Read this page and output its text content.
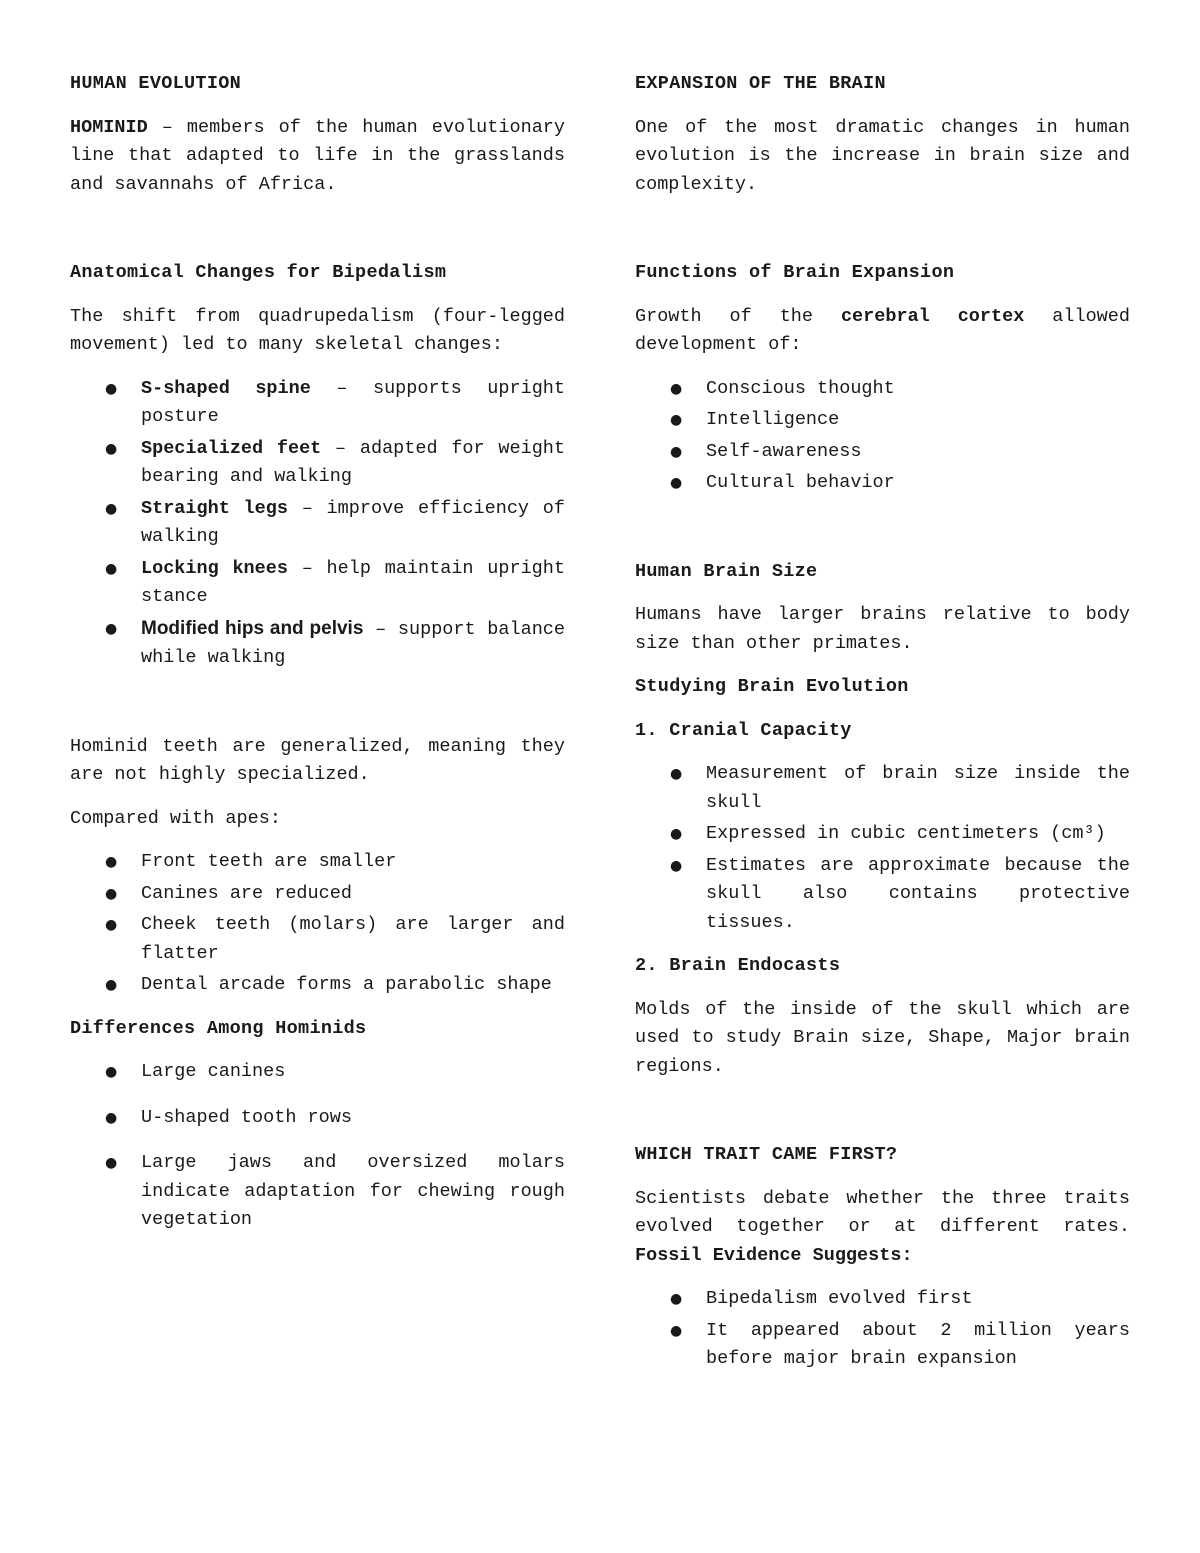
HUMAN EVOLUTION

HOMINID – members of the human evolutionary line that adapted to life in the grasslands and savannahs of Africa.

Anatomical Changes for Bipedalism

The shift from quadrupedalism (four-legged movement) led to many skeletal changes:

● S-shaped spine – supports upright posture
● Specialized feet – adapted for weight bearing and walking
● Straight legs – improve efficiency of walking
● Locking knees – help maintain upright stance
● Modified hips and pelvis – support balance while walking

Hominid teeth are generalized, meaning they are not highly specialized.

Compared with apes:

● Front teeth are smaller
● Canines are reduced
● Cheek teeth (molars) are larger and flatter
● Dental arcade forms a parabolic shape
Differences Among Hominids
● Large canines
● U-shaped tooth rows
● Large jaws and oversized molars indicate adaptation for chewing rough vegetation
EXPANSION OF THE BRAIN

One of the most dramatic changes in human evolution is the increase in brain size and complexity.

Functions of Brain Expansion

Growth of the cerebral cortex allowed development of:

● Conscious thought
● Intelligence
● Self-awareness
● Cultural behavior
Human Brain Size

Humans have larger brains relative to body size than other primates.

Studying Brain Evolution
1. Cranial Capacity
● Measurement of brain size inside the skull
● Expressed in cubic centimeters (cm³)
● Estimates are approximate because the skull also contains protective tissues.
2. Brain Endocasts

Molds of the inside of the skull which are used to study Brain size, Shape, Major brain regions.

WHICH TRAIT CAME FIRST?

Scientists debate whether the three traits evolved together or at different rates. Fossil Evidence Suggests:

● Bipedalism evolved first
● It appeared about 2 million years before major brain expansion
